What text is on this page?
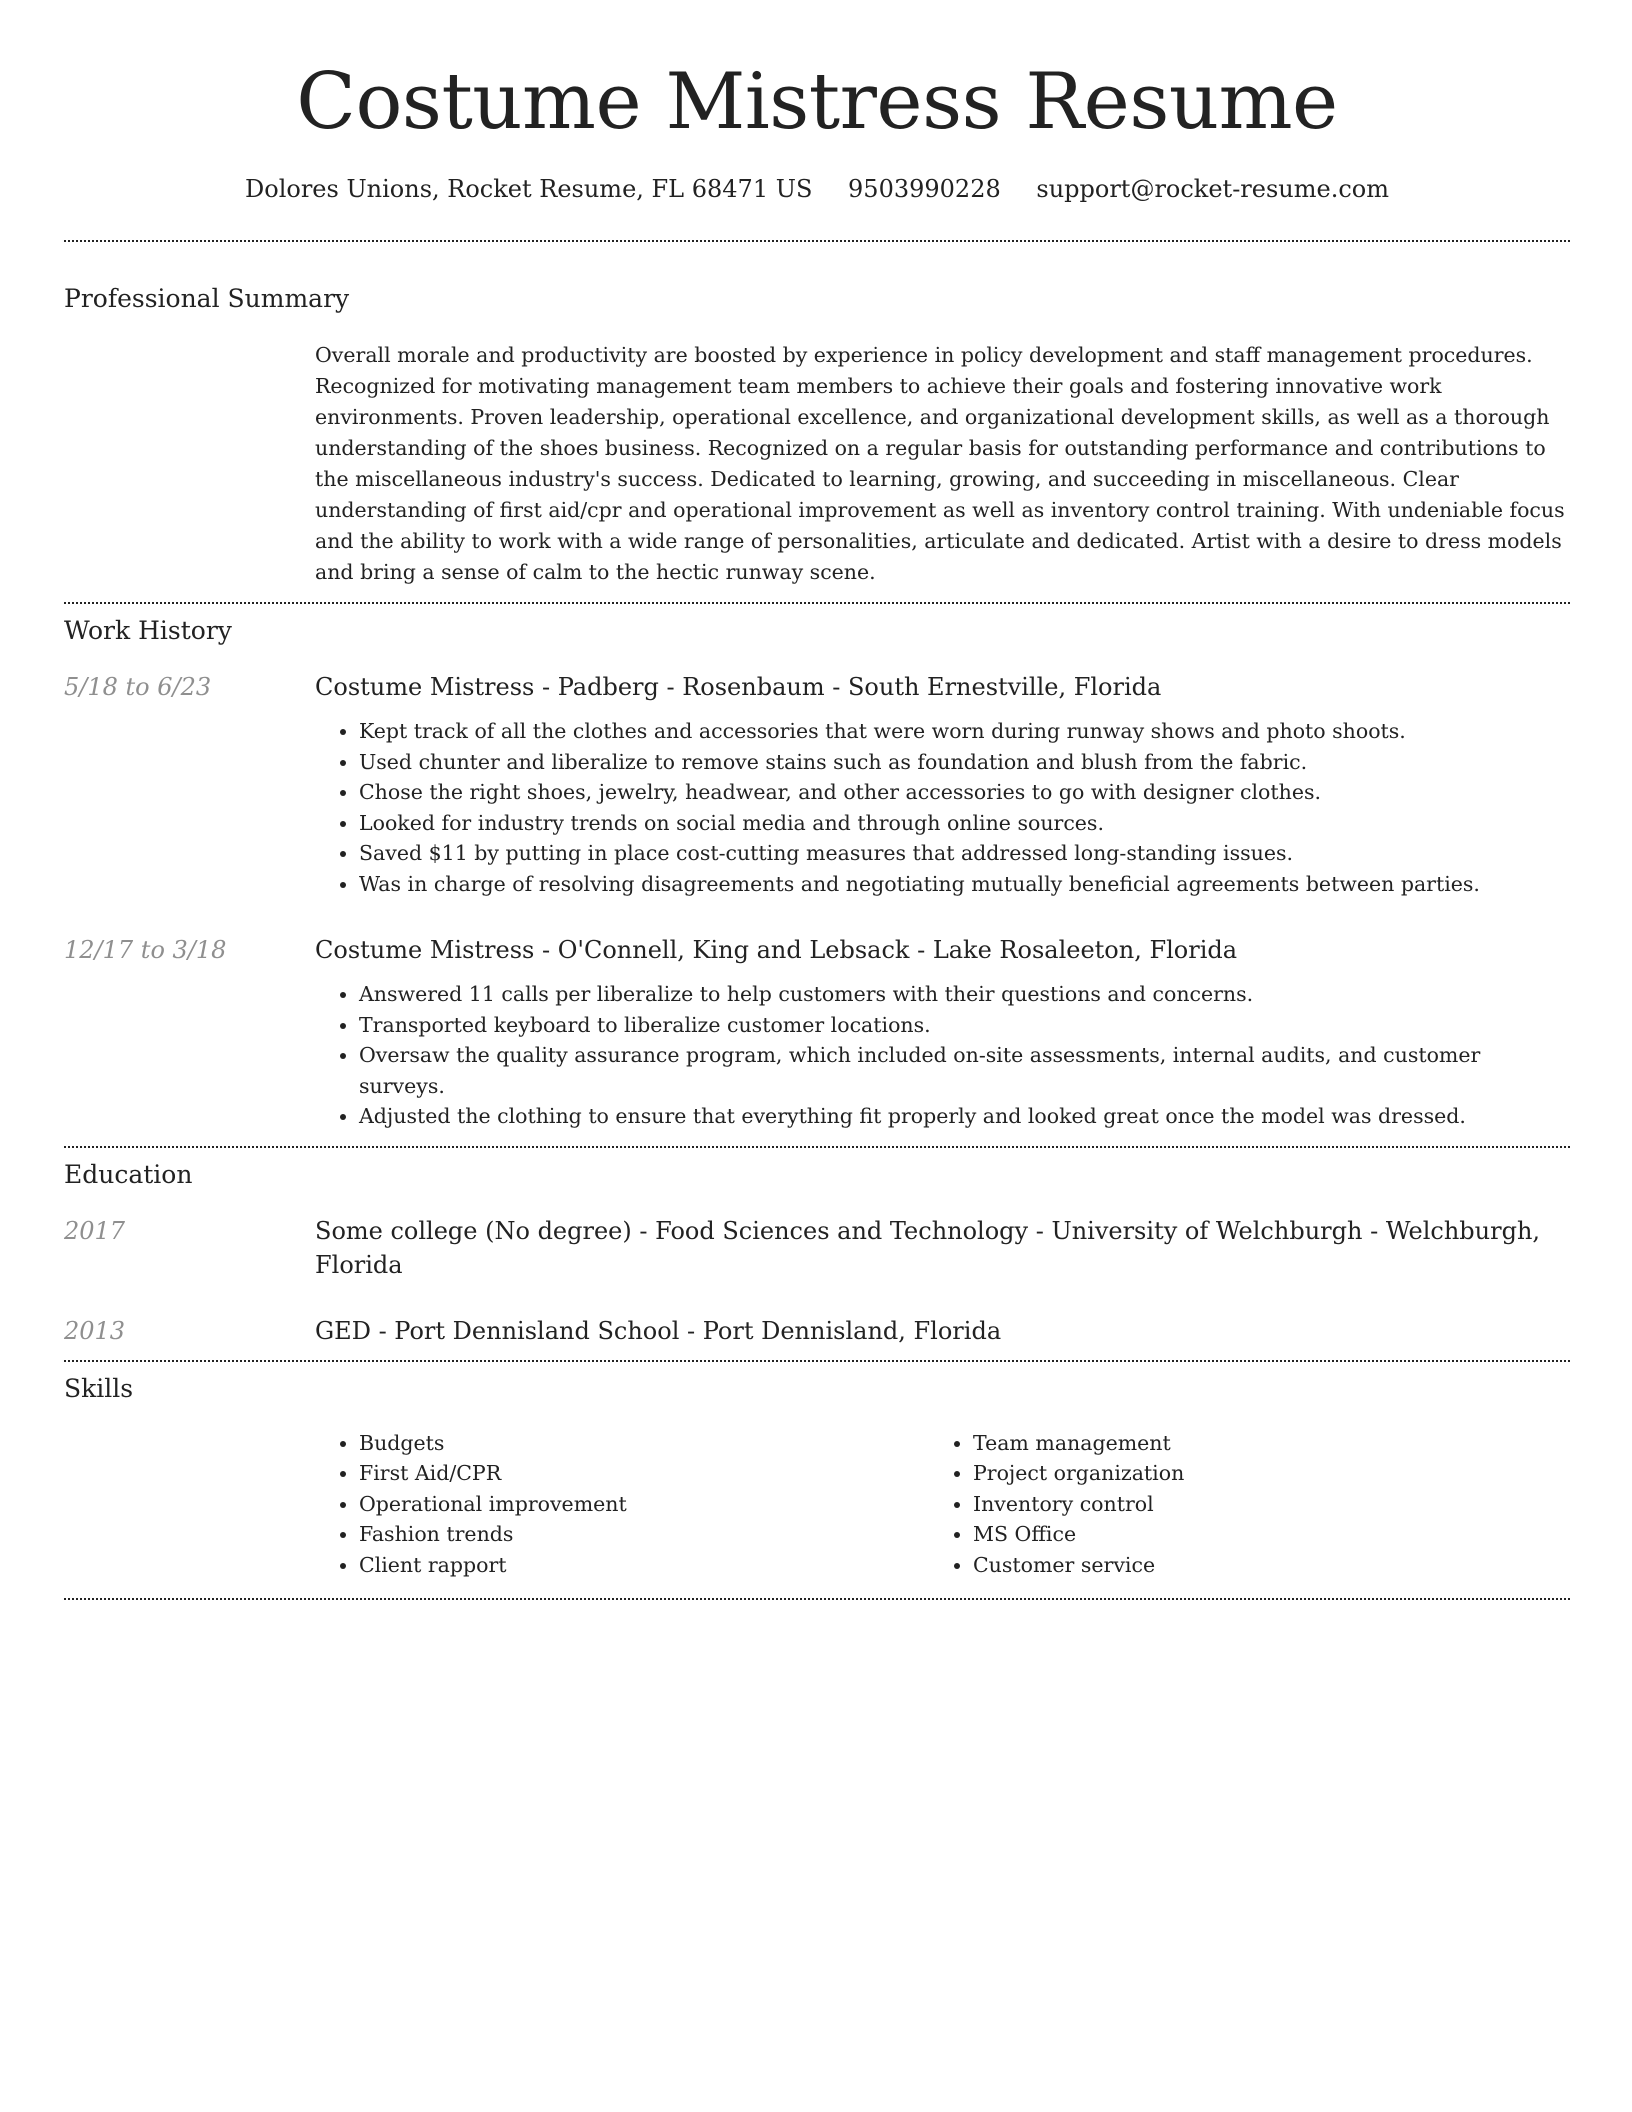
Costume Mistress Resume
Dolores Unions, Rocket Resume, FL 68471 US 9503990228 support@rocket-resume.com
Professional Summary

Overall morale and productivity are boosted by experience in policy development and staff management procedures. Recognized for motivating management team members to achieve their goals and fostering innovative work environments. Proven leadership, operational excellence, and organizational development skills, as well as a thorough understanding of the shoes business. Recognized on a regular basis for outstanding performance and contributions to the miscellaneous industry's success. Dedicated to learning, growing, and succeeding in miscellaneous. Clear understanding of first aid/cpr and operational improvement as well as inventory control training. With undeniable focus and the ability to work with a wide range of personalities, articulate and dedicated. Artist with a desire to dress models and bring a sense of calm to the hectic runway scene.

Work History
5/18 to 6/23	Costume Mistress - Padberg - Rosenbaum - South Ernestville, Florida
• Kept track of all the clothes and accessories that were worn during runway shows and photo shoots.
• Used chunter and liberalize to remove stains such as foundation and blush from the fabric.
• Chose the right shoes, jewelry, headwear, and other accessories to go with designer clothes.
• Looked for industry trends on social media and through online sources.
• Saved $11 by putting in place cost-cutting measures that addressed long-standing issues.
• Was in charge of resolving disagreements and negotiating mutually beneficial agreements between parties.
12/17 to 3/18	Costume Mistress - O'Connell, King and Lebsack - Lake Rosaleeton, Florida
• Answered 11 calls per liberalize to help customers with their questions and concerns.
• Transported keyboard to liberalize customer locations.
• Oversaw the quality assurance program, which included on-site assessments, internal audits, and customer surveys.
• Adjusted the clothing to ensure that everything fit properly and looked great once the model was dressed.
Education
2017	Some college (No degree) - Food Sciences and Technology - University of Welchburgh - Welchburgh, Florida
2013	GED - Port Dennisland School - Port Dennisland, Florida
Skills
• Budgets
• First Aid/CPR
• Operational improvement
• Fashion trends
• Client rapport
• Team management
• Project organization
• Inventory control
• MS Office
• Customer service
